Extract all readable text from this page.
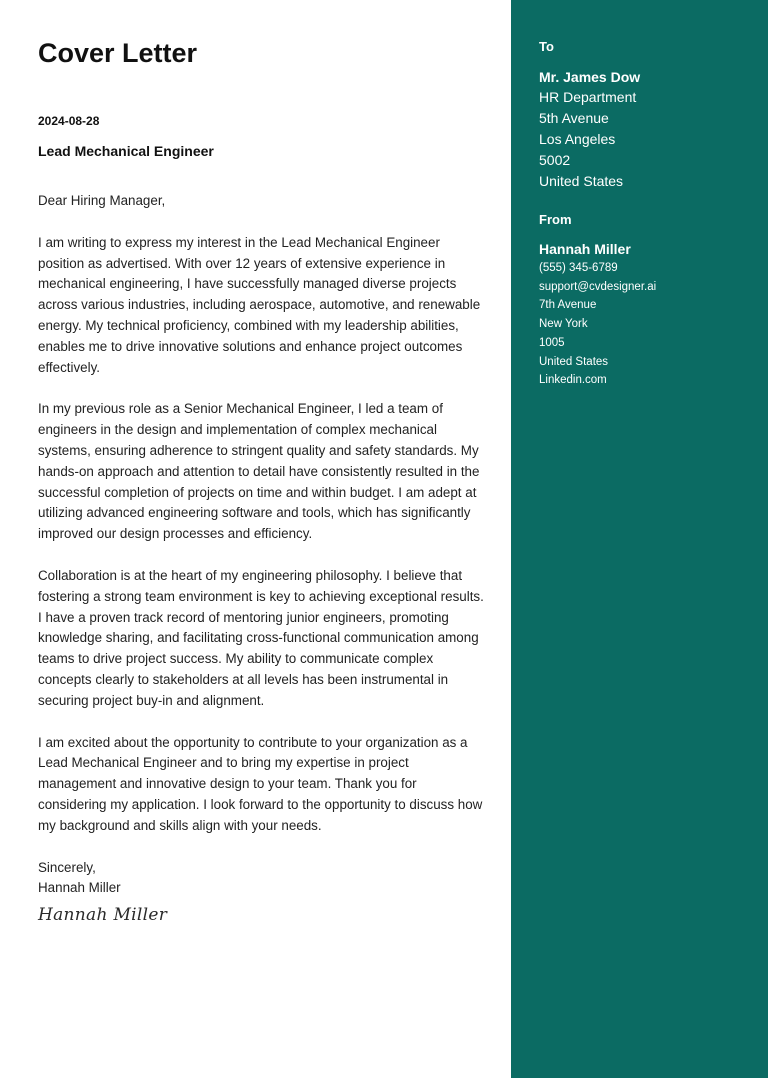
Cover Letter
2024-08-28
Lead Mechanical Engineer

Dear Hiring Manager,

I am writing to express my interest in the Lead Mechanical Engineer position as advertised. With over 12 years of extensive experience in mechanical engineering, I have successfully managed diverse projects across various industries, including aerospace, automotive, and renewable energy. My technical proficiency, combined with my leadership abilities, enables me to drive innovative solutions and enhance project outcomes effectively.

In my previous role as a Senior Mechanical Engineer, I led a team of engineers in the design and implementation of complex mechanical systems, ensuring adherence to stringent quality and safety standards. My hands-on approach and attention to detail have consistently resulted in the successful completion of projects on time and within budget. I am adept at utilizing advanced engineering software and tools, which has significantly improved our design processes and efficiency.

Collaboration is at the heart of my engineering philosophy. I believe that fostering a strong team environment is key to achieving exceptional results. I have a proven track record of mentoring junior engineers, promoting knowledge sharing, and facilitating cross-functional communication among teams to drive project success. My ability to communicate complex concepts clearly to stakeholders at all levels has been instrumental in securing project buy-in and alignment.

I am excited about the opportunity to contribute to your organization as a Lead Mechanical Engineer and to bring my expertise in project management and innovative design to your team. Thank you for considering my application. I look forward to the opportunity to discuss how my background and skills align with your needs.

Sincerely,
Hannah Miller
Hannah Miller
To
Mr. James Dow
HR Department
5th Avenue
Los Angeles
5002
United States
From
Hannah Miller
(555) 345-6789
support@cvdesigner.ai
7th Avenue
New York
1005
United States
Linkedin.com
